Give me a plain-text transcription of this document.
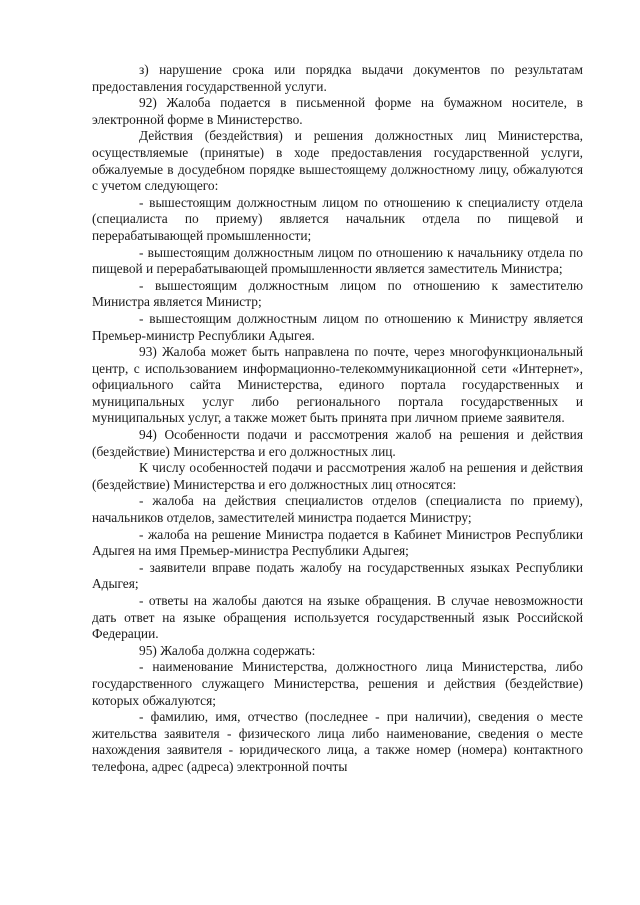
з) нарушение срока или порядка выдачи документов по результатам предоставления государственной услуги.

92) Жалоба подается в письменной форме на бумажном носителе, в электронной форме в Министерство.

Действия (бездействия) и решения должностных лиц Министерства, осуществляемые (принятые) в ходе предоставления государственной услуги, обжалуемые в досудебном порядке вышестоящему должностному лицу, обжалуются с учетом следующего:

- вышестоящим должностным лицом по отношению к специалисту отдела (специалиста по приему) является начальник отдела по пищевой и перерабатывающей промышленности;

- вышестоящим должностным лицом по отношению к начальнику отдела по пищевой и перерабатывающей промышленности является заместитель Министра;

- вышестоящим должностным лицом по отношению к заместителю Министра является Министр;

- вышестоящим должностным лицом по отношению к Министру является Премьер-министр Республики Адыгея.

93) Жалоба может быть направлена по почте, через многофункциональный центр, с использованием информационно-телекоммуникационной сети «Интернет», официального сайта Министерства, единого портала государственных и муниципальных услуг либо регионального портала государственных и муниципальных услуг, а также может быть принята при личном приеме заявителя.

94) Особенности подачи и рассмотрения жалоб на решения и действия (бездействие) Министерства и его должностных лиц.

К числу особенностей подачи и рассмотрения жалоб на решения и действия (бездействие) Министерства и его должностных лиц относятся:

- жалоба на действия специалистов отделов (специалиста по приему), начальников отделов, заместителей министра подается Министру;

- жалоба на решение Министра подается в Кабинет Министров Республики Адыгея на имя Премьер-министра Республики Адыгея;

- заявители вправе подать жалобу на государственных языках Республики Адыгея;

- ответы на жалобы даются на языке обращения. В случае невозможности дать ответ на языке обращения используется государственный язык Российской Федерации.

95) Жалоба должна содержать:

- наименование Министерства, должностного лица Министерства, либо государственного служащего Министерства, решения и действия (бездействие) которых обжалуются;

- фамилию, имя, отчество (последнее - при наличии), сведения о месте жительства заявителя - физического лица либо наименование, сведения о месте нахождения заявителя - юридического лица, а также номер (номера) контактного телефона, адрес (адреса) электронной почты
